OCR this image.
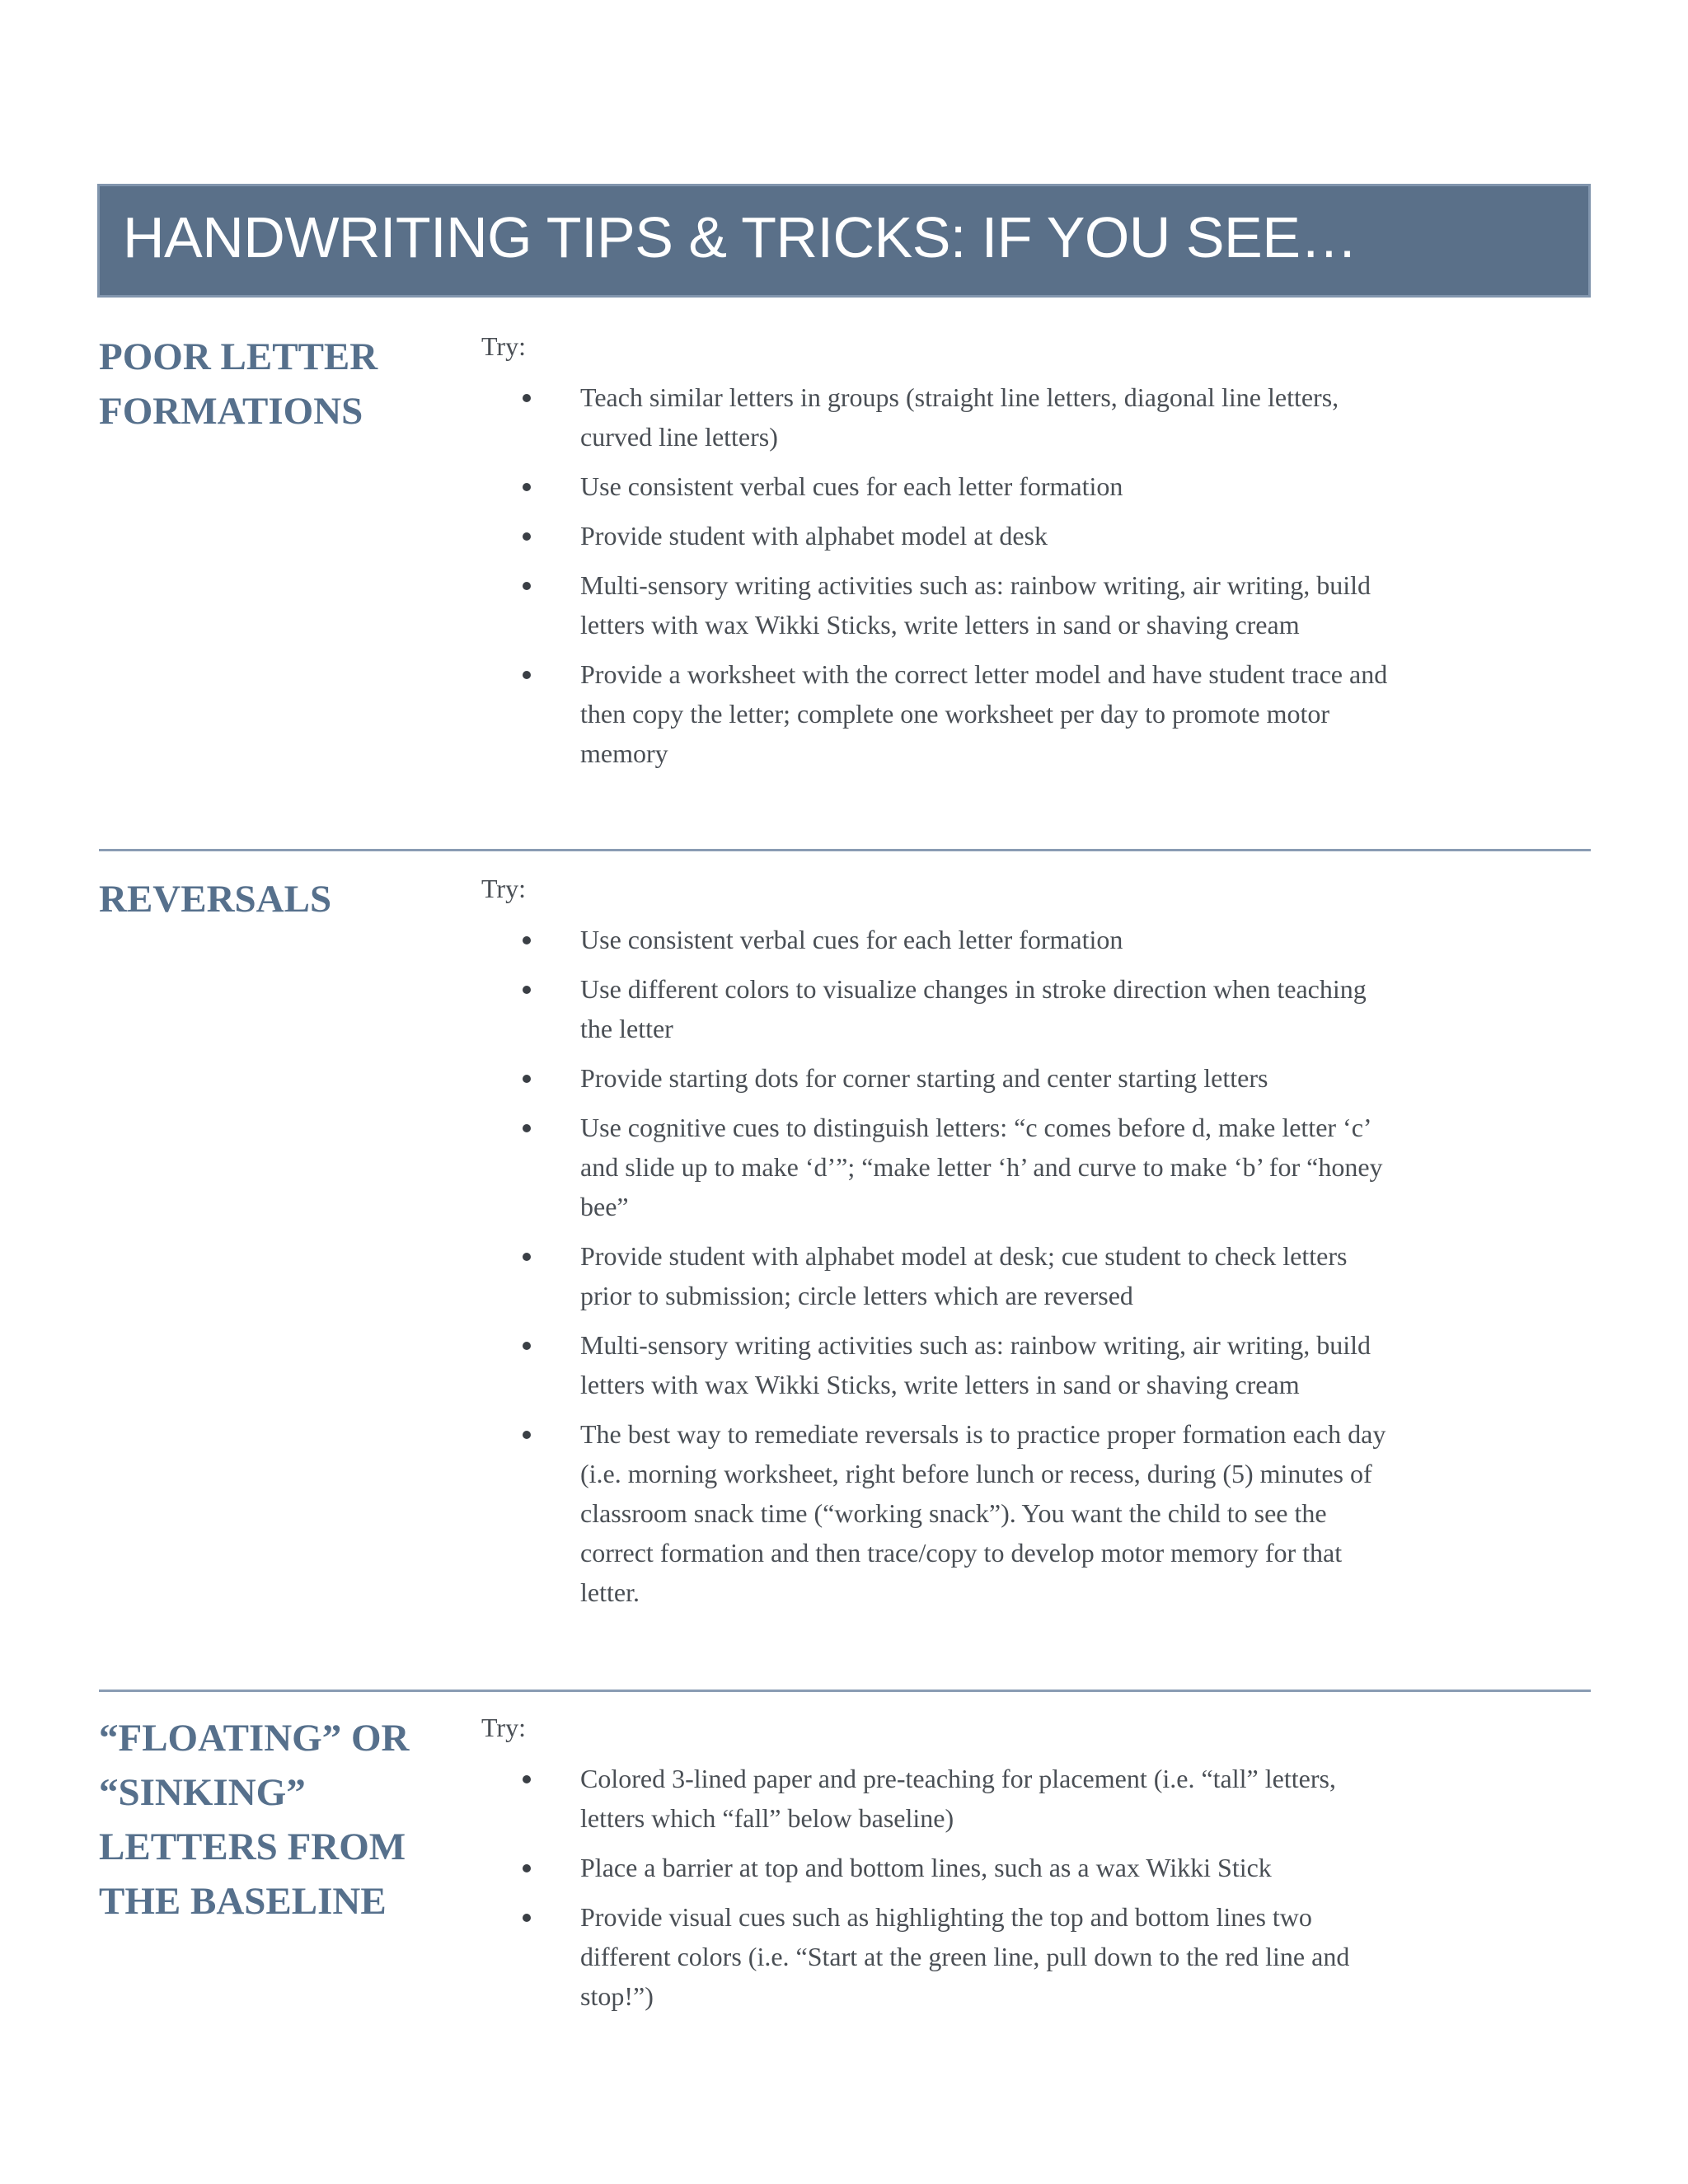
HANDWRITING TIPS & TRICKS: IF YOU SEE…
POOR LETTER FORMATIONS
Try:
Teach similar letters in groups (straight line letters, diagonal line letters, curved line letters)
Use consistent verbal cues for each letter formation
Provide student with alphabet model at desk
Multi-sensory writing activities such as: rainbow writing, air writing, build letters with wax Wikki Sticks, write letters in sand or shaving cream
Provide a worksheet with the correct letter model and have student trace and then copy the letter; complete one worksheet per day to promote motor memory
REVERSALS	Try:
Use consistent verbal cues for each letter formation
Use different colors to visualize changes in stroke direction when teaching the letter
Provide starting dots for corner starting and center starting letters
Use cognitive cues to distinguish letters: “c comes before d, make letter ‘c’ and slide up to make ‘d’”; “make letter ‘h’ and curve to make ‘b’ for “honey bee”
Provide student with alphabet model at desk; cue student to check letters prior to submission; circle letters which are reversed
Multi-sensory writing activities such as: rainbow writing, air writing, build letters with wax Wikki Sticks, write letters in sand or shaving cream
The best way to remediate reversals is to practice proper formation each day (i.e. morning worksheet, right before lunch or recess, during (5) minutes of classroom snack time (“working snack”). You want the child to see the correct formation and then trace/copy to develop motor memory for that letter.
“FLOATING” OR “SINKING” LETTERS FROM THE BASELINE
Try:
Colored 3-lined paper and pre-teaching for placement (i.e. “tall” letters, letters which “fall” below baseline)
Place a barrier at top and bottom lines, such as a wax Wikki Stick
Provide visual cues such as highlighting the top and bottom lines two different colors (i.e. “Start at the green line, pull down to the red line and stop!”)
